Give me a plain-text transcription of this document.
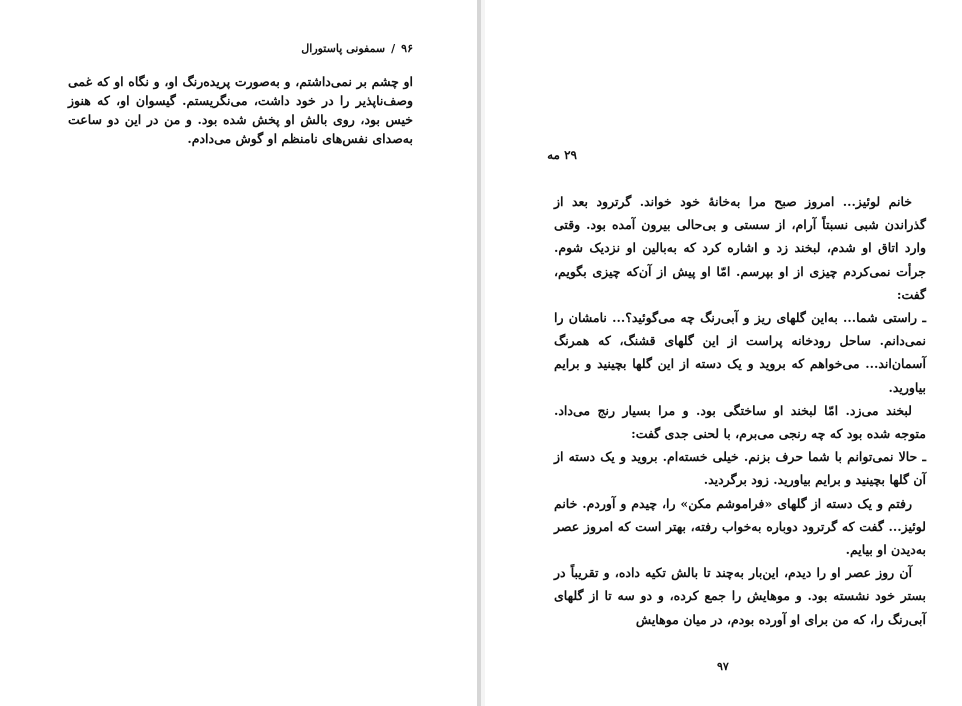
۹۶/سمفونی پاستورال

او چشم بر نمی‌داشتم، و به‌صورت پریده‌رنگ او، و نگاه او که غمی وصف‌ناپذیر را در خود داشت، می‌نگریستم. گیسوان او، که هنوز خیس بود، روی بالش او پخش شده بود. و من در این دو ساعت به‌صدای نفس‌های نامنظم او گوش می‌دادم.

۲۹ مه

خانم لوئیز... امروز صبح مرا به‌خانهٔ خود خواند. گرترود بعد از گذراندن شبی نسبتاً آرام، از سستی و بی‌حالی بیرون آمده بود. وقتی وارد اتاق او شدم، لبخند زد و اشاره کرد که به‌بالین او نزدیک شوم. جرأت نمی‌کردم چیزی از او بپرسم. امّا او پیش از آن‌که چیزی بگویم، گفت:

ـ راستی شما... به‌این گلهای ریز و آبی‌رنگ چه می‌گوئید؟... نامشان را نمی‌دانم. ساحل رودخانه پراست از این گلهای قشنگ، که همرنگ آسمان‌اند... می‌خواهم که بروید و یک دسته از این گلها بچینید و برایم بیاورید.

لبخند می‌زد. امّا لبخند او ساختگی بود. و مرا بسیار رنج می‌داد. متوجه شده بود که چه رنجی می‌برم، با لحنی جدی گفت:

ـ حالا نمی‌توانم با شما حرف بزنم. خیلی خسته‌ام. بروید و یک دسته از آن گلها بچینید و برایم بیاورید. زود برگردید.

رفتم و یک دسته از گلهای «فراموشم مکن» را، چیدم و آوردم. خانم لوئیز... گفت که گرترود دوباره به‌خواب رفته، بهتر است که امروز عصر به‌دیدن او بیایم.

آن روز عصر او را دیدم، این‌بار به‌چند تا بالش تکیه داده، و تقریباً در بستر خود نشسته بود. و موهایش را جمع کرده، و دو سه تا از گلهای آبی‌رنگ را، که من برای او آورده بودم، در میان موهایش

۹۷
